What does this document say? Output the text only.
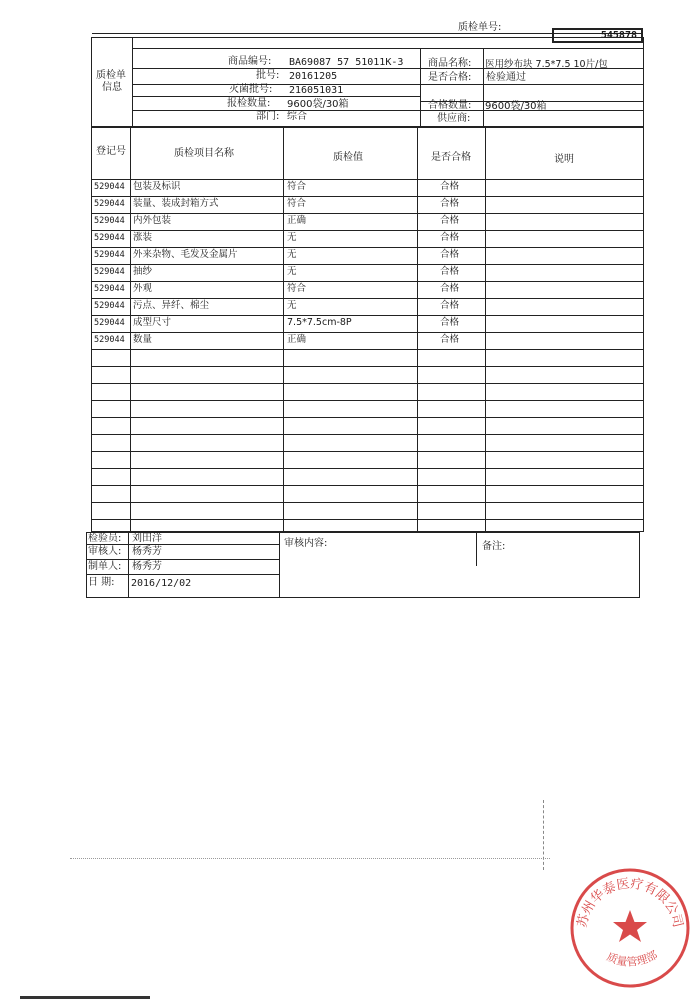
质检单号:
545878
质检单
信息
商品编号: BA69087 57 51011K-3
批号: 20161205
灭菌批号: 216051031
报检数量: 9600袋/30箱
部门: 综合
商品名称: 医用纱布块 7.5*7.5 10片/包
是否合格: 检验通过
合格数量: 9600袋/30箱
供应商:
登记号	质检项目名称	质检值	是否合格	说明
529044 包装及标识	符合	合格
529044 装量、装成封箱方式	符合	合格
529044 内外包装	正确	合格
529044 涨装	无	合格
529044 外来杂物、毛发及金属片	无	合格
529044 抽纱	无	合格
529044 外观	符合	合格
529044 污点、异纤、棉尘	无	合格
529044 成型尺寸	7.5*7.5cm-8P	合格
529044 数量	正确	合格
检验员: 刘田洋
审核人: 杨秀芳
制单人: 杨秀芳
日 期: 2016/12/02
审核内容:	备注:
苏州华泰医疗有限公司
质量管理部
